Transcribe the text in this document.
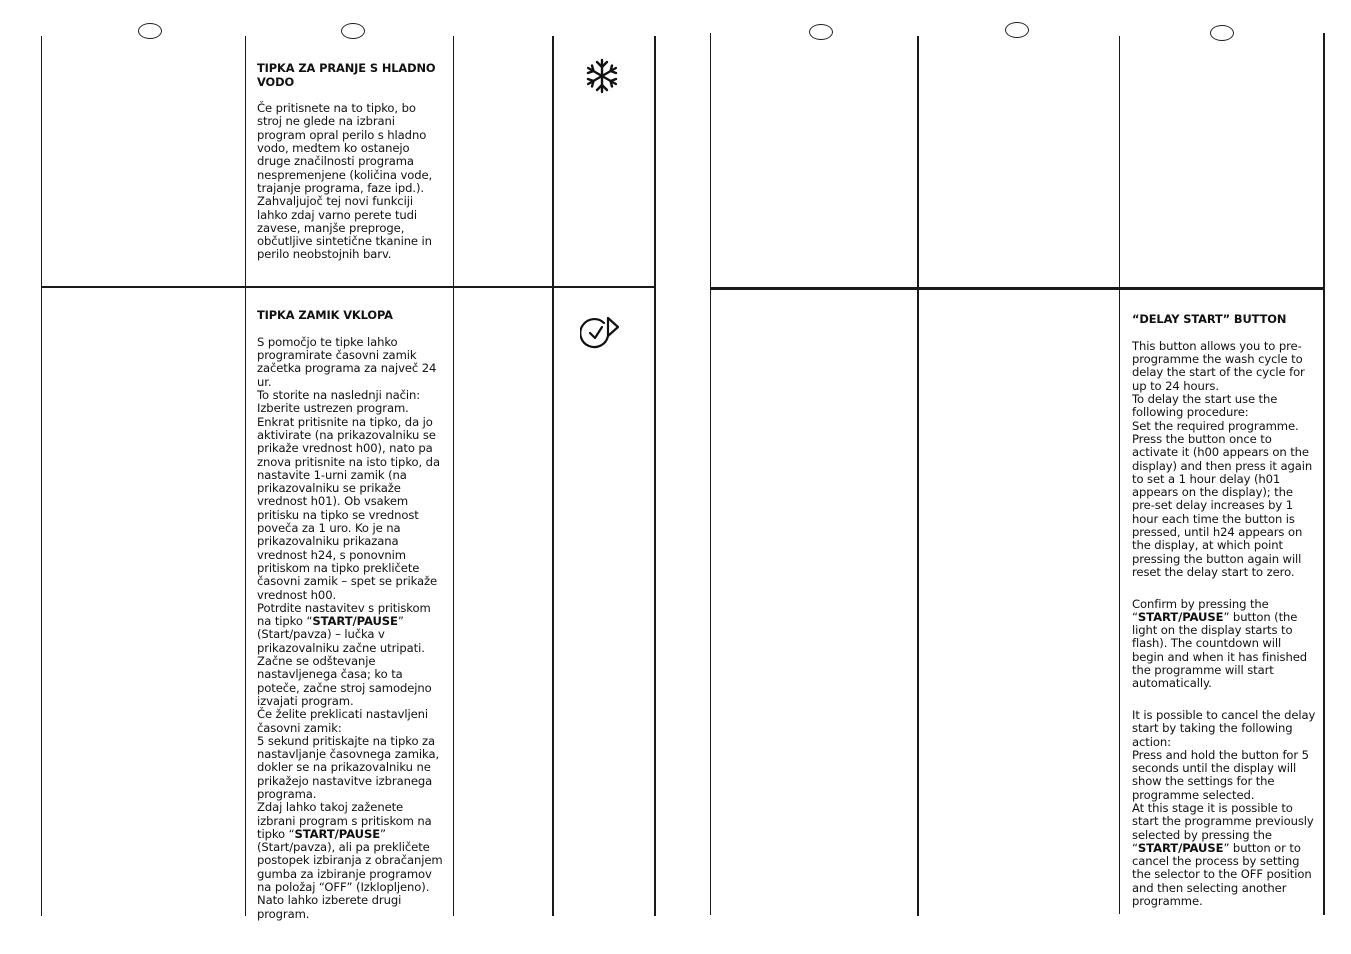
TIPKA ZA PRANJE S HLADNO VODO

Če pritisnete na to tipko, bo stroj ne glede na izbrani program opral perilo s hladno vodo, medtem ko ostanejo druge značilnosti programa nespremenjene (količina vode, trajanje programa, faze ipd.).
Zahvaljujoč tej novi funkciji lahko zdaj varno perete tudi zavese, manjše preproge, občutljive sintetične tkanine in perilo neobstojnih barv.

TIPKA ZAMIK VKLOPA

S pomočjo te tipke lahko programirate časovni zamik začetka programa za največ 24 ur.
To storite na naslednji način:
Izberite ustrezen program.
Enkrat pritisnite na tipko, da jo aktivirate (na prikazovalniku se prikaže vrednost h00), nato pa znova pritisnite na isto tipko, da nastavite 1-urni zamik (na prikazovalniku se prikaže vrednost h01). Ob vsakem pritisku na tipko se vrednost poveča za 1 uro. Ko je na prikazovalniku prikazana vrednost h24, s ponovnim pritiskom na tipko prekličete časovni zamik – spet se prikaže vrednost h00.
Potrdite nastavitev s pritiskom na tipko “START/PAUSE” (Start/pavza) – lučka v prikazovalniku začne utripati. Začne se odštevanje nastavljenega časa; ko ta poteče, začne stroj samodejno izvajati program.
Če želite preklicati nastavljeni časovni zamik:
5 sekund pritiskajte na tipko za nastavljanje časovnega zamika, dokler se na prikazovalniku ne prikažejo nastavitve izbranega programa.
Zdaj lahko takoj zaženete izbrani program s pritiskom na tipko “START/PAUSE” (Start/pavza), ali pa prekličete postopek izbiranja z obračanjem gumba za izbiranje programov na položaj “OFF” (Izklopljeno).
Nato lahko izberete drugi program.

“DELAY START” BUTTON

This button allows you to pre-programme the wash cycle to delay the start of the cycle for up to 24 hours.
To delay the start use the following procedure:
Set the required programme.
Press the button once to activate it (h00 appears on the display) and then press it again to set a 1 hour delay (h01 appears on the display); the pre-set delay increases by 1 hour each time the button is pressed, until h24 appears on the display, at which point pressing the button again will reset the delay start to zero.

Confirm by pressing the “START/PAUSE” button (the light on the display starts to flash). The countdown will begin and when it has finished the programme will start automatically.

It is possible to cancel the delay start by taking the following action:
Press and hold the button for 5 seconds until the display will show the settings for the programme selected.
At this stage it is possible to start the programme previously selected by pressing the “START/PAUSE” button or to cancel the process by setting the selector to the OFF position and then selecting another programme.
